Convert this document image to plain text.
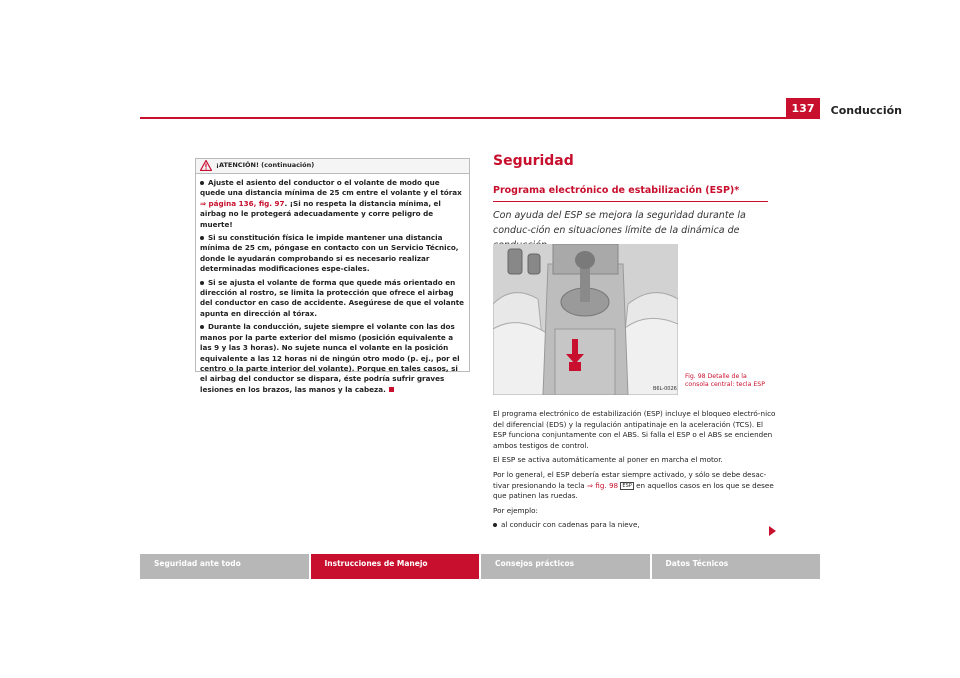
Conducción
137
¡ATENCIÓN! (continuación)
Ajuste el asiento del conductor o el volante de modo que quede una distancia mínima de 25 cm entre el volante y el tórax ⇒ página 136, fig. 97. ¡Si no respeta la distancia mínima, el airbag no le protegerá adecuadamente y corre peligro de muerte!
Si su constitución física le impide mantener una distancia mínima de 25 cm, póngase en contacto con un Servicio Técnico, donde le ayudarán comprobando si es necesario realizar determinadas modificaciones espe-ciales.
Si se ajusta el volante de forma que quede más orientado en dirección al rostro, se limita la protección que ofrece el airbag del conductor en caso de accidente. Asegúrese de que el volante apunta en dirección al tórax.
Durante la conducción, sujete siempre el volante con las dos manos por la parte exterior del mismo (posición equivalente a las 9 y las 3 horas). No sujete nunca el volante en la posición equivalente a las 12 horas ni de ningún otro modo (p. ej., por el centro o la parte interior del volante). Porque en tales casos, si el airbag del conductor se dispara, éste podría sufrir graves lesiones en los brazos, las manos y la cabeza.
Seguridad
Programa electrónico de estabilización (ESP)*
Con ayuda del ESP se mejora la seguridad durante la conduc-ción en situaciones límite de la dinámica de
B6L-0026
Fig. 98 Detalle de la
consola central: tecla ESP

El programa electrónico de estabilización (ESP) incluye el bloqueo electró-nico del diferencial (EDS) y la regulación antipatinaje en la aceleración (TCS). El ESP funciona conjuntamente con el ABS. Si falla el ESP o el ABS se encienden ambos testigos de control.

El ESP se activa automáticamente al poner en marcha el motor.

Por lo general, el ESP debería estar siempre activado, y sólo se debe desac-tivar presionando la tecla ⇒ fig. 98 ESP en aquellos casos en los que se desee que patinen las ruedas.

Por ejemplo:

al conducir con cadenas para la nieve,

Seguridad ante todo	Instrucciones de Manejo	Consejos prácticos	Datos Técnicos
